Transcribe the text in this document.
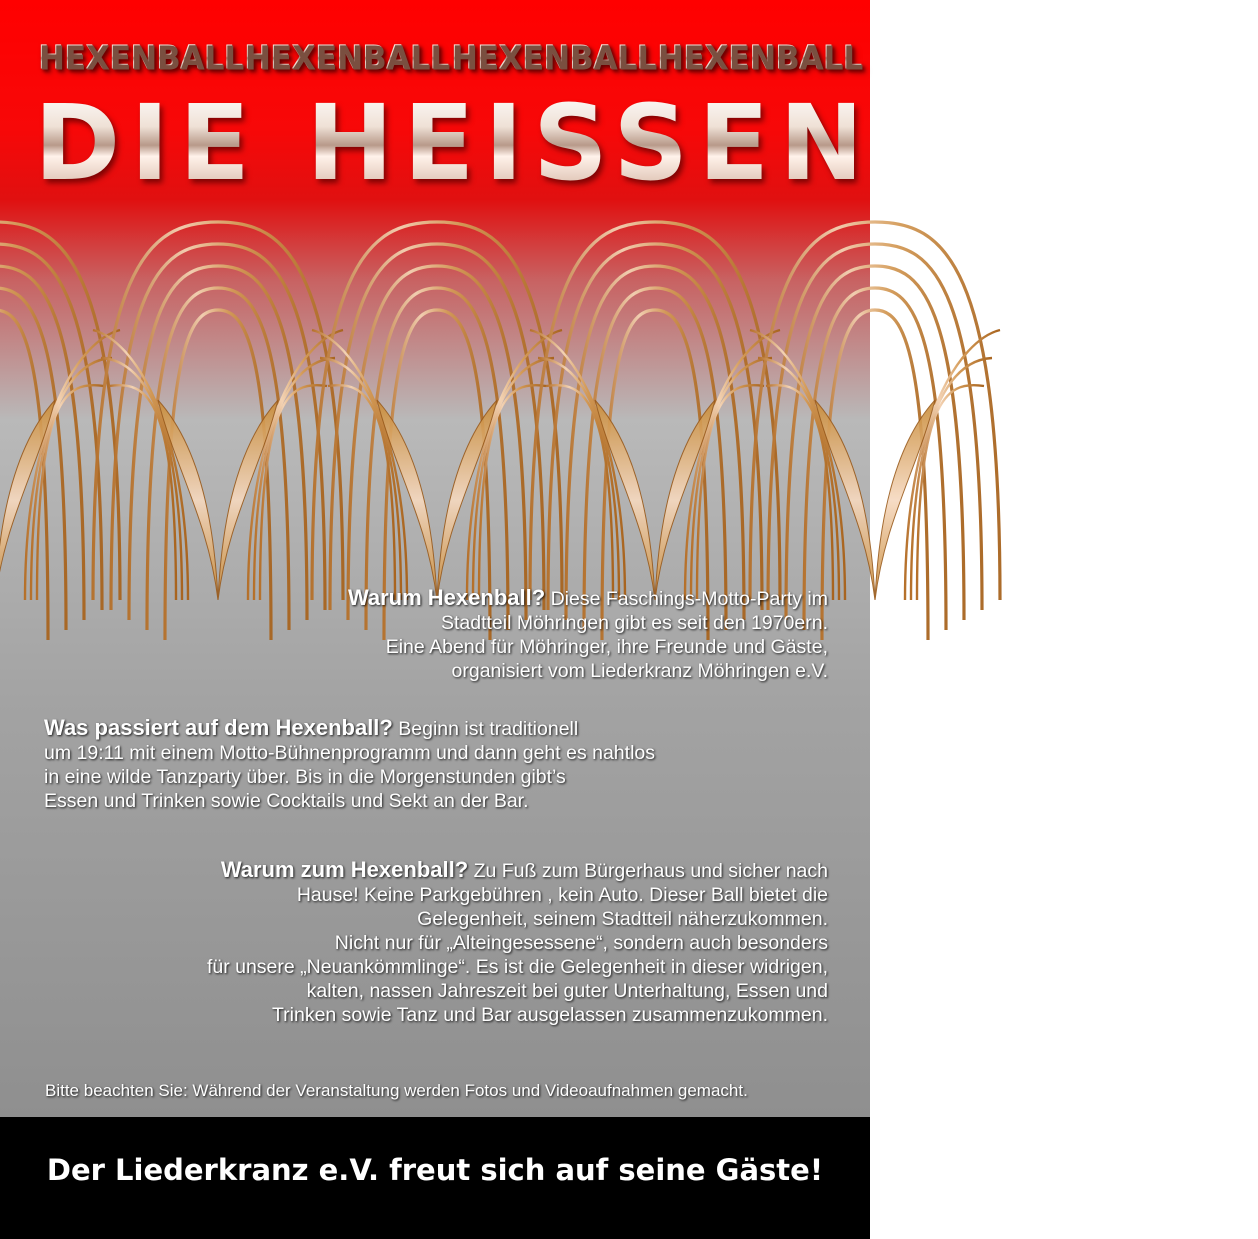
HEXENBALL HEXENBALL HEXENBALL HEXENBALL
DIE HEISSEN 20ER
Warum Hexenball? Diese Faschings-Motto-Party im
Stadtteil Möhringen gibt es seit den 1970ern.
Eine Abend für Möhringer, ihre Freunde und Gäste,
organisiert vom Liederkranz Möhringen e.V.
Was passiert auf dem Hexenball? Beginn ist traditionell
um 19:11 mit einem Motto-Bühnenprogramm und dann geht es nahtlos
in eine wilde Tanzparty über. Bis in die Morgenstunden gibt’s
Essen und Trinken sowie Cocktails und Sekt an der Bar.
Warum zum Hexenball? Zu Fuß zum Bürgerhaus und sicher nach
Hause! Keine Parkgebühren , kein Auto. Dieser Ball bietet die
Gelegenheit, seinem Stadtteil näherzukommen.
Nicht nur für „Alteingesessene“, sondern auch besonders
für unsere „Neuankömmlinge“. Es ist die Gelegenheit in dieser widrigen,
kalten, nassen Jahreszeit bei guter Unterhaltung, Essen und
Trinken sowie Tanz und Bar ausgelassen zusammenzukommen.
Bitte beachten Sie: Während der Veranstaltung werden Fotos und Videoaufnahmen gemacht.
Der Liederkranz e.V. freut sich auf seine Gäste!
